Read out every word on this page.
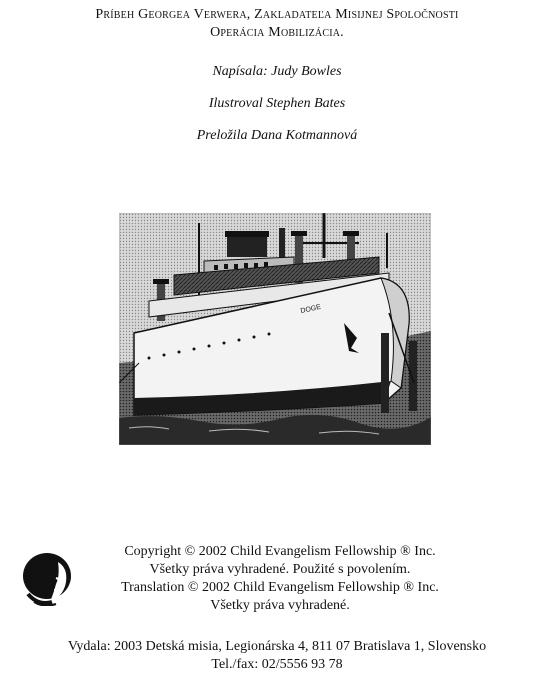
Príbeh Georgea Verwera, Zakladateľa Misijnej Spoločnosti
Operácia Mobilizácia.
Napísala: Judy Bowles
Ilustroval Stephen Bates
Preložila Dana Kotmannová
DOGE
Copyright © 2002 Child Evangelism Fellowship ® Inc.
Všetky práva vyhradené. Použité s povolením.
Translation © 2002 Child Evangelism Fellowship ® Inc.
Všetky práva vyhradené.
Vydala: 2003 Detská misia, Legionárska 4, 811 07 Bratislava 1, Slovensko
Tel./fax: 02/5556 93 78
